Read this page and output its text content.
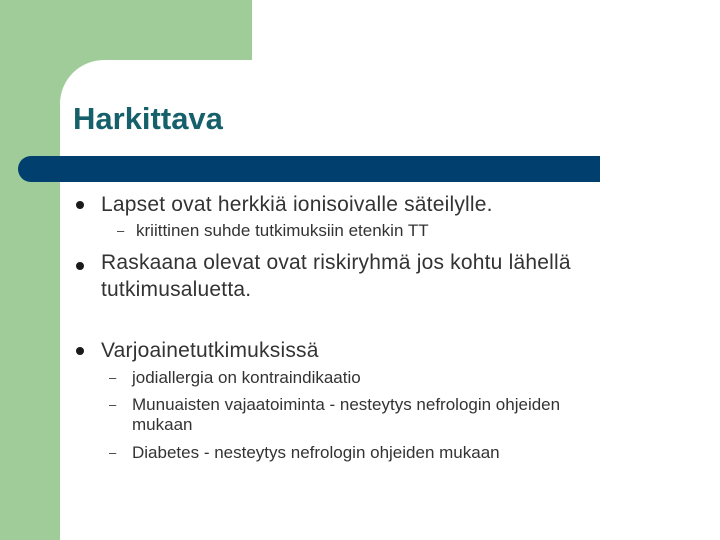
Harkittava
Lapset ovat herkkiä ionisoivalle säteilylle.
– kriittinen suhde tutkimuksiin etenkin TT
Raskaana olevat ovat riskiryhmä jos kohtu lähellä
tutkimusaluetta.
Varjoainetutkimuksissä
– jodiallergia on kontraindikaatio
– Munuaisten vajaatoiminta - nesteytys nefrologin ohjeiden
mukaan
– Diabetes - nesteytys nefrologin ohjeiden mukaan
